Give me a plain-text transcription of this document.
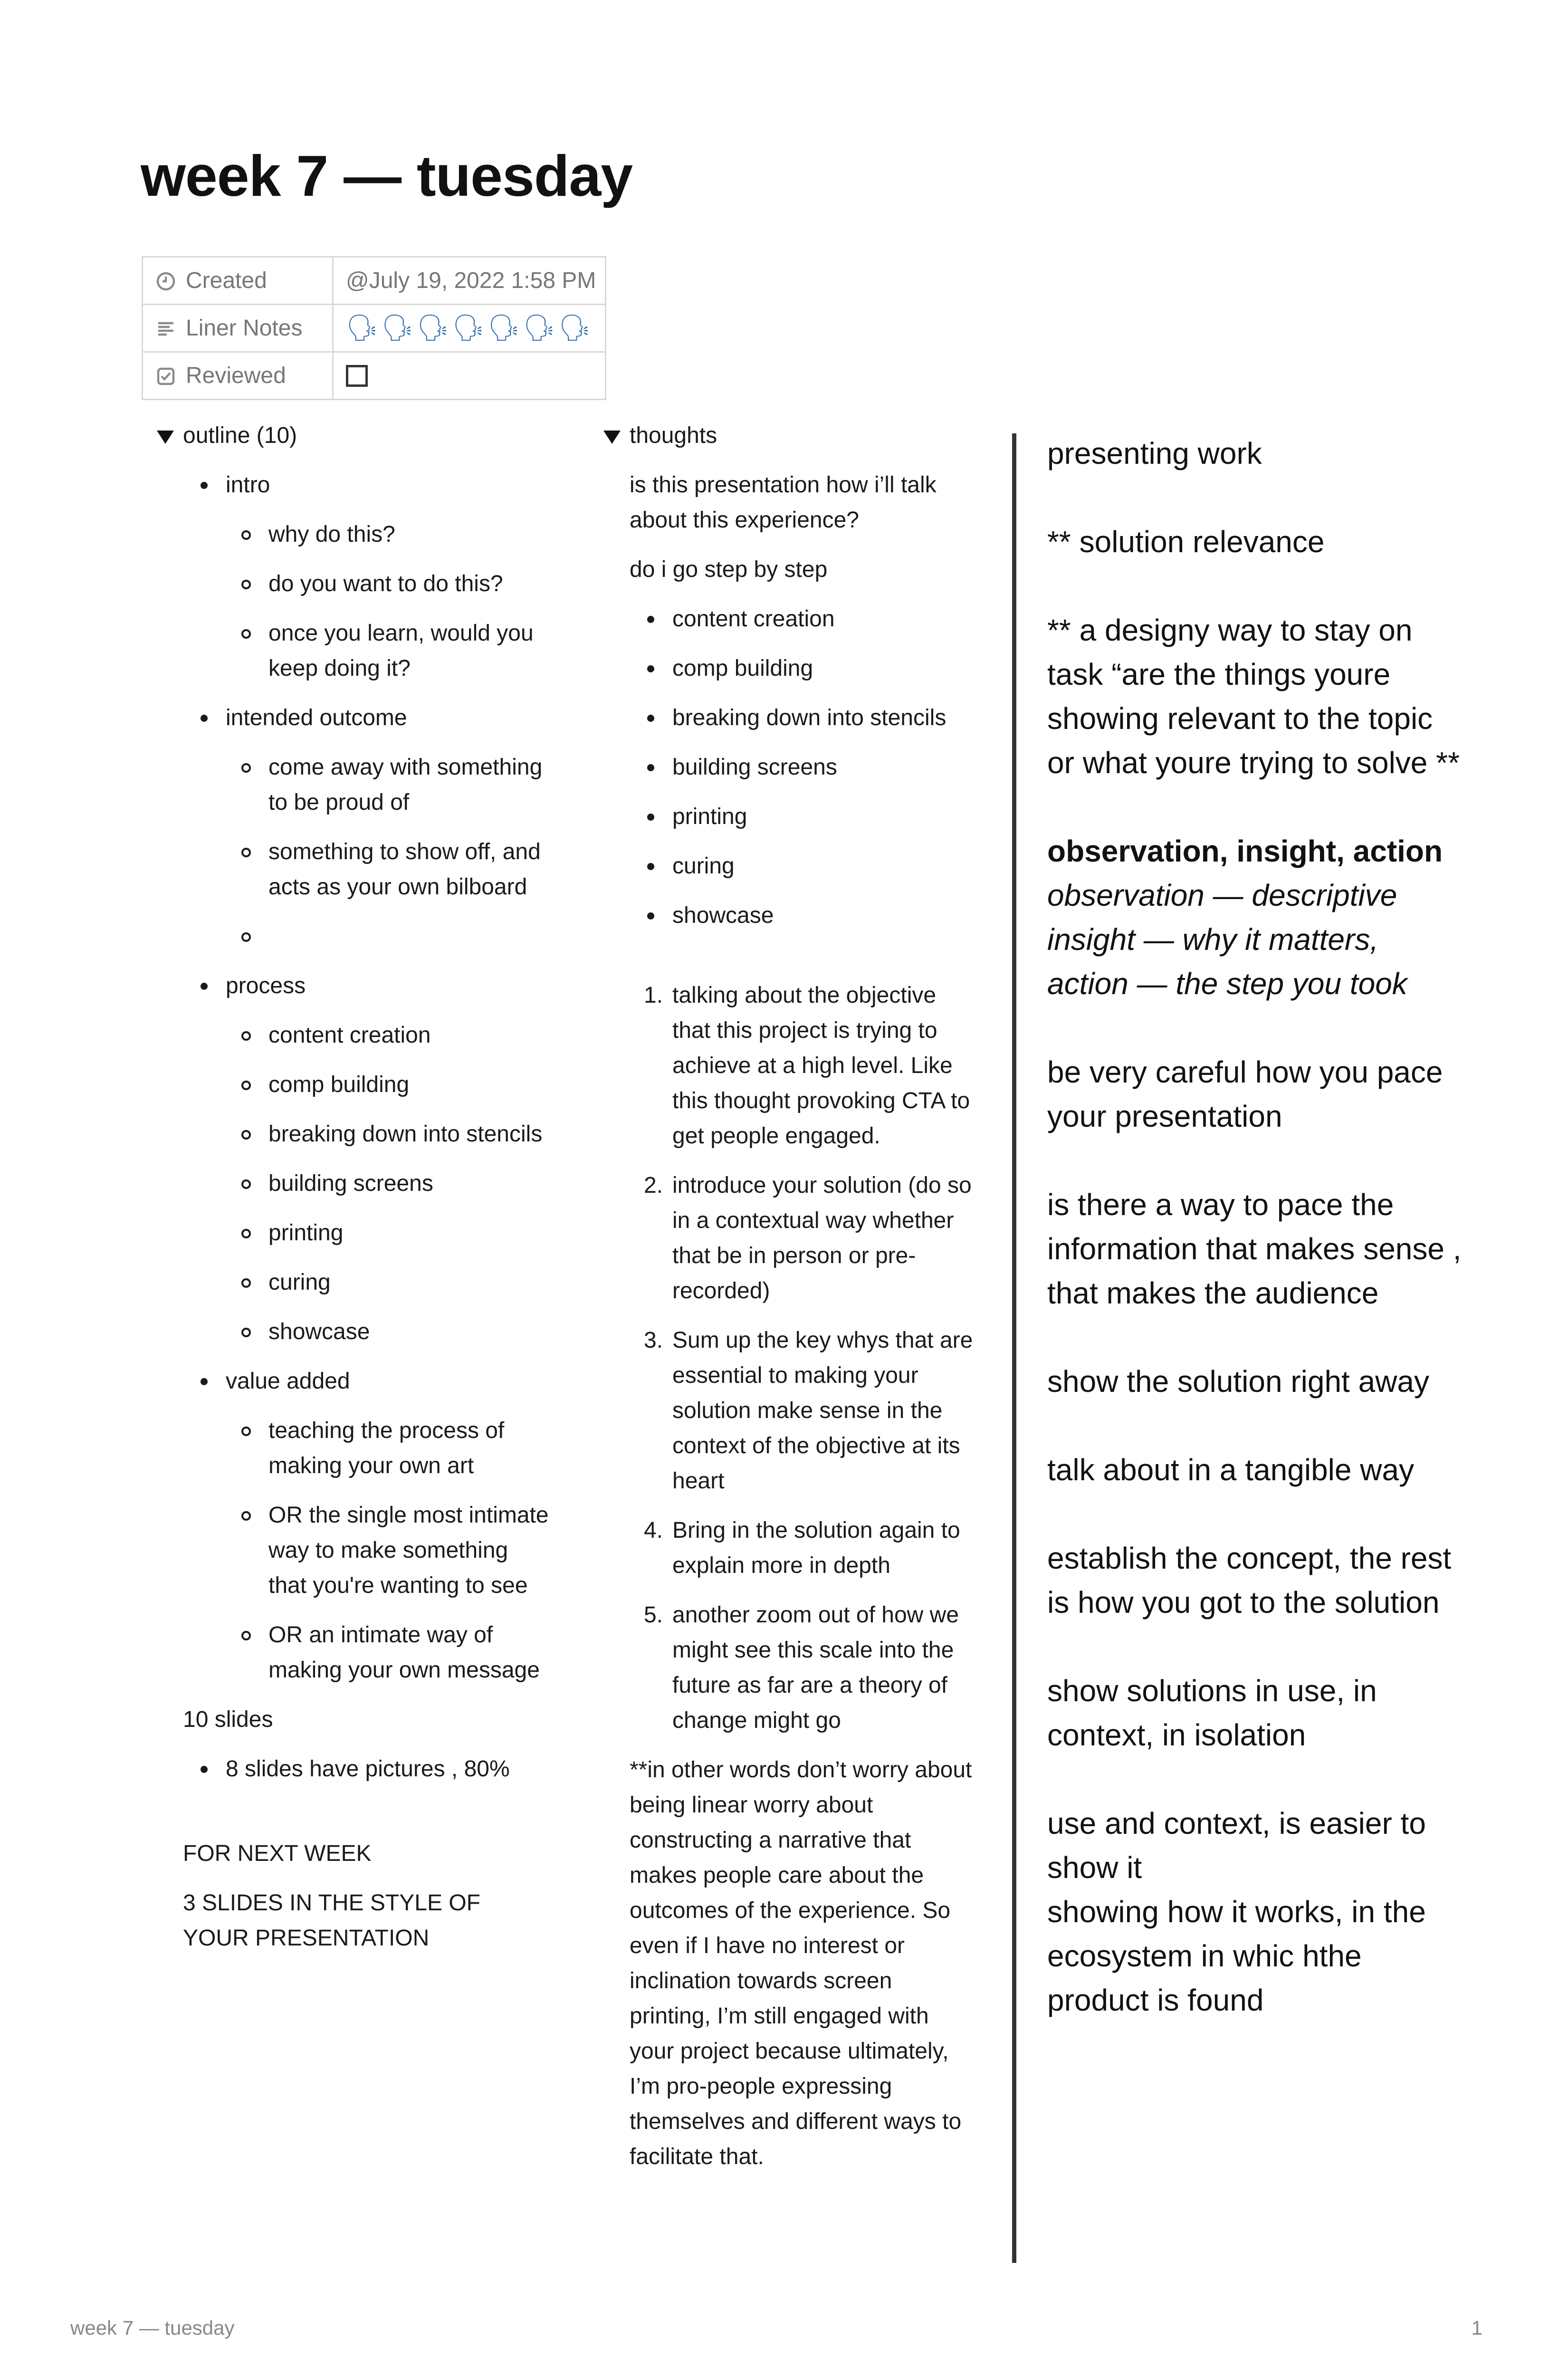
week 7 — tuesday
Created	@July 19, 2022 1:58 PM
Liner Notes	🗣🗣🗣🗣🗣🗣🗣
Reviewed	
outline (10)
intro
why do this?
do you want to do this?
once you learn, would you keep doing it?
intended outcome
come away with something to be proud of
something to show off, and acts as your own bilboard
process
content creation
comp building
breaking down into stencils
building screens
printing
curing
showcase
value added
teaching the process of making your own art
OR the single most intimate way to make something that you're wanting to see
OR an intimate way of making your own message
10 slides
8 slides have pictures , 80%
FOR NEXT WEEK
3 SLIDES IN THE STYLE OF YOUR PRESENTATION
thoughts
is this presentation how i’ll talk about this experience?
do i go step by step
content creation
comp building
breaking down into stencils
building screens
printing
curing
showcase
1. talking about the objective that this project is trying to achieve at a high level. Like this thought provoking CTA to get people engaged.
2. introduce your solution (do so in a contextual way whether that be in person or pre-recorded)
3. Sum up the key whys that are essential to making your solution make sense in the context of the objective at its heart
4. Bring in the solution again to explain more in depth
5. another zoom out of how we might see this scale into the future as far are a theory of change might go
**in other words don’t worry about being linear worry about constructing a narrative that makes people care about the outcomes of the experience. So even if I have no interest or inclination towards screen printing, I’m still engaged with your project because ultimately, I’m pro-people expressing themselves and different ways to facilitate that.
presenting work
** solution relevance
** a designy way to stay on task “are the things youre showing relevant to the topic or what youre trying to solve **
observation, insight, action
observation — descriptive
insight — why it matters,
action — the step you took
be very careful how you pace your presentation
is there a way to pace the information that makes sense , that makes the audience
show the solution right away
talk about in a tangible way
establish the concept, the rest is how you got to the solution
show solutions in use, in context, in isolation
use and context, is easier to show it
showing how it works, in the ecosystem in whic hthe product is found
week 7 — tuesday	1
